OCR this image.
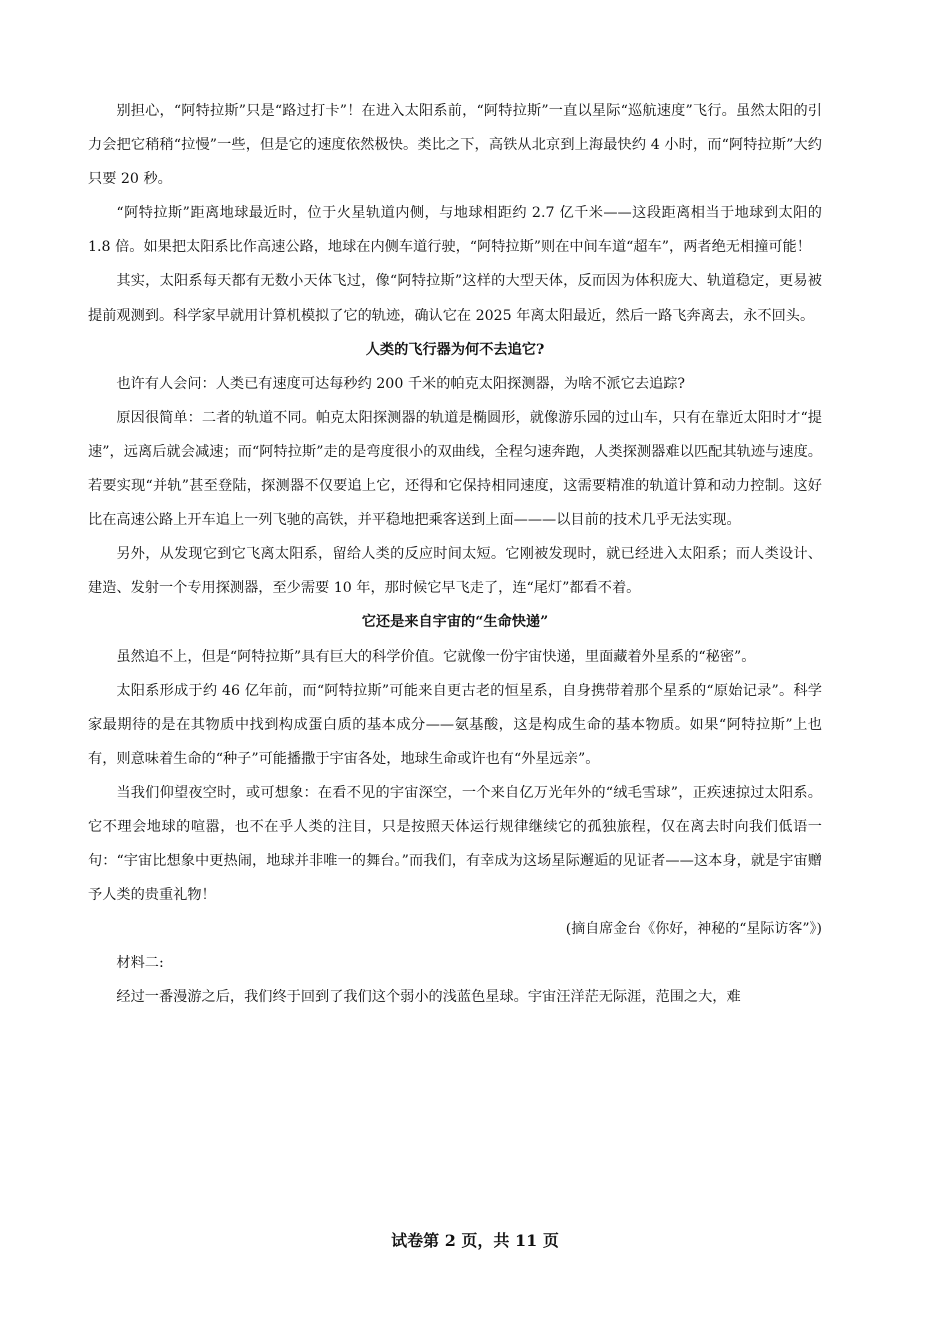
别担心，“阿特拉斯”只是“路过打卡”！在进入太阳系前，“阿特拉斯”一直以星际“巡航速度”飞行。虽然太阳的引力会把它稍稍“拉慢”一些，但是它的速度依然极快。类比之下，高铁从北京到上海最快约 4 小时，而“阿特拉斯”大约只要 20 秒。

“阿特拉斯”距离地球最近时，位于火星轨道内侧，与地球相距约 2.7 亿千米——这段距离相当于地球到太阳的 1.8 倍。如果把太阳系比作高速公路，地球在内侧车道行驶，“阿特拉斯”则在中间车道“超车”，两者绝无相撞可能！

其实，太阳系每天都有无数小天体飞过，像“阿特拉斯”这样的大型天体，反而因为体积庞大、轨道稳定，更易被提前观测到。科学家早就用计算机模拟了它的轨迹，确认它在 2025 年离太阳最近，然后一路飞奔离去，永不回头。

人类的飞行器为何不去追它?

也许有人会问：人类已有速度可达每秒约 200 千米的帕克太阳探测器，为啥不派它去追踪?

原因很简单：二者的轨道不同。帕克太阳探测器的轨道是椭圆形，就像游乐园的过山车，只有在靠近太阳时才“提速”，远离后就会减速；而“阿特拉斯”走的是弯度很小的双曲线，全程匀速奔跑，人类探测器难以匹配其轨迹与速度。若要实现“并轨”甚至登陆，探测器不仅要追上它，还得和它保持相同速度，这需要精准的轨道计算和动力控制。这好比在高速公路上开车追上一列飞驰的高铁，并平稳地把乘客送到上面———以目前的技术几乎无法实现。

另外，从发现它到它飞离太阳系，留给人类的反应时间太短。它刚被发现时，就已经进入太阳系；而人类设计、建造、发射一个专用探测器，至少需要 10 年，那时候它早飞走了，连“尾灯”都看不着。

它还是来自宇宙的“生命快递”

虽然追不上，但是“阿特拉斯”具有巨大的科学价值。它就像一份宇宙快递，里面藏着外星系的“秘密”。

太阳系形成于约 46 亿年前，而“阿特拉斯”可能来自更古老的恒星系，自身携带着那个星系的“原始记录”。科学家最期待的是在其物质中找到构成蛋白质的基本成分——氨基酸，这是构成生命的基本物质。如果“阿特拉斯”上也有，则意味着生命的“种子”可能播撒于宇宙各处，地球生命或许也有“外星远亲”。

当我们仰望夜空时，或可想象：在看不见的宇宙深空，一个来自亿万光年外的“绒毛雪球”，正疾速掠过太阳系。它不理会地球的喧嚣，也不在乎人类的注目，只是按照天体运行规律继续它的孤独旅程，仅在离去时向我们低语一句：“宇宙比想象中更热闹，地球并非唯一的舞台。”而我们，有幸成为这场星际邂逅的见证者——这本身，就是宇宙赠予人类的贵重礼物！

(摘自席金台《你好，神秘的“星际访客”》)

材料二:

经过一番漫游之后，我们终于回到了我们这个弱小的浅蓝色星球。宇宙汪洋茫无际涯，范围之大，难

试卷第 2 页，共 11 页
